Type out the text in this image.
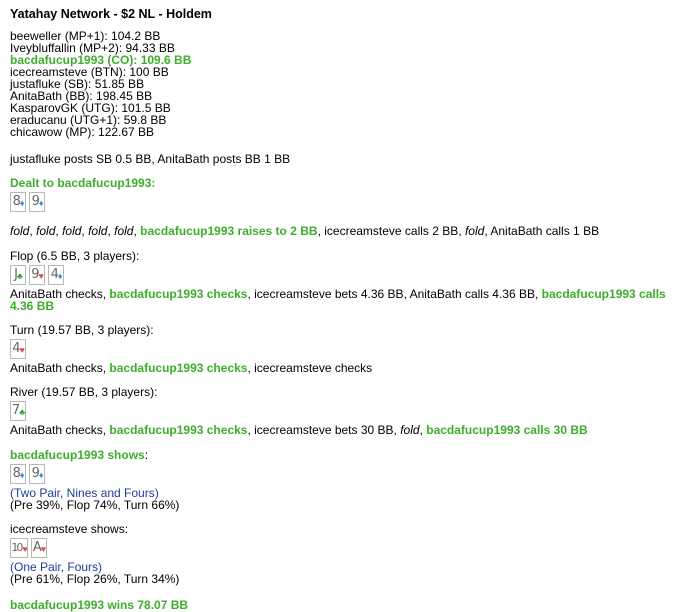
Yatahay Network - $2 NL - Holdem
beeweller (MP+1): 104.2 BB
Iveybluffallin (MP+2): 94.33 BB
bacdafucup1993 (CO): 109.6 BB
icecreamsteve (BTN): 100 BB
justafluke (SB): 51.85 BB
AnitaBath (BB): 198.45 BB
KasparovGK (UTG): 101.5 BB
eraducanu (UTG+1): 59.8 BB
chicawow (MP): 122.67 BB
justafluke posts SB 0.5 BB, AnitaBath posts BB 1 BB
Dealt to bacdafucup1993:
8 ♦ 9 ♦
fold, fold, fold, fold, fold, bacdafucup1993 raises to 2 BB, icecreamsteve calls 2 BB, fold, AnitaBath calls 1 BB
Flop (6.5 BB, 3 players):
J ♣ 9 ♥ 4 ♦
AnitaBath checks, bacdafucup1993 checks, icecreamsteve bets 4.36 BB, AnitaBath calls 4.36 BB, bacdafucup1993 calls 4.36 BB
Turn (19.57 BB, 3 players):
4 ♥
AnitaBath checks, bacdafucup1993 checks, icecreamsteve checks
River (19.57 BB, 3 players):
7 ♣
AnitaBath checks, bacdafucup1993 checks, icecreamsteve bets 30 BB, fold, bacdafucup1993 calls 30 BB
bacdafucup1993 shows:
8 ♦ 9 ♦
(Two Pair, Nines and Fours)
(Pre 39%, Flop 74%, Turn 66%)
icecreamsteve shows:
10 ♥ A ♥
(One Pair, Fours)
(Pre 61%, Flop 26%, Turn 34%)
bacdafucup1993 wins 78.07 BB
